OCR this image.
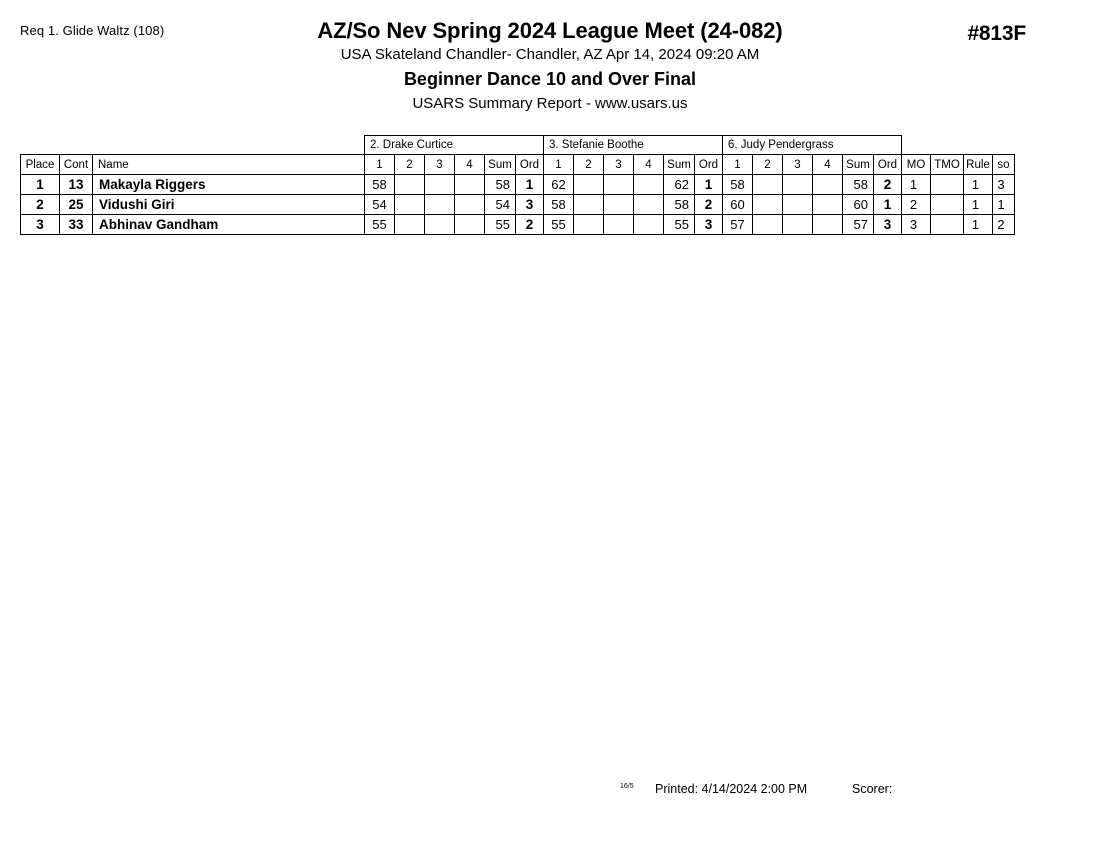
Req 1. Glide Waltz (108)	#813F
AZ/So Nev Spring 2024 League Meet (24-082)
USA Skateland Chandler- Chandler, AZ Apr 14, 2024 09:20 AM
Beginner Dance 10 and Over Final
USARS Summary Report - www.usars.us
			2. Drake Curtice						3. Stefanie Boothe						6. Judy Pendergrass									
Place	Cont	Name	1	2	3	4	Sum	Ord	1	2	3	4	Sum	Ord	1	2	3	4	Sum	Ord	MO	TMO	Rule	so
1	13	Makayla Riggers	58				58	1	62				62	1	58				58	2	1		1	3
2	25	Vidushi Giri	54				54	3	58				58	2	60				60	1	2		1	1
3	33	Abhinav Gandham	55				55	2	55				55	3	57				57	3	3		1	2
16/5 Printed: 4/14/2024 2:00 PM	Scorer:
